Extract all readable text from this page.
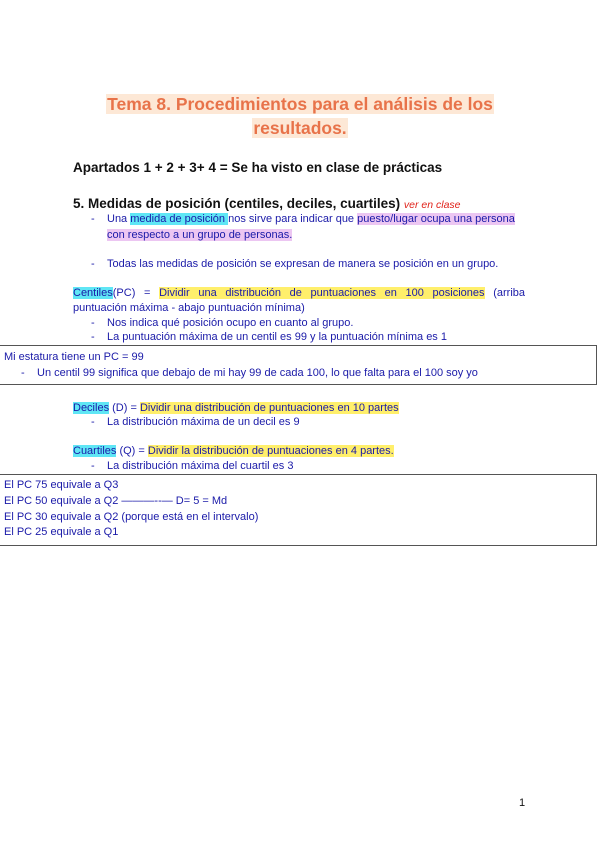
Tema 8. Procedimientos para el análisis de los
resultados.
Apartados 1 + 2 + 3+ 4 = Se ha visto en clase de prácticas
5. Medidas de posición (centiles, deciles, cuartiles) ver en clase
- Una medida de posición nos sirve para indicar que puesto/lugar ocupa una persona
con respecto a un grupo de personas.
- Todas las medidas de posición se expresan de manera se posición en un grupo.
Centiles(PC) = Dividir una distribución de puntuaciones en 100 posiciones (arriba
puntuación máxima - abajo puntuación mínima)
- Nos indica qué posición ocupo en cuanto al grupo.
- La puntuación máxima de un centil es 99 y la puntuación mínima es 1
Mi estatura tiene un PC = 99
- Un centil 99 significa que debajo de mi hay 99 de cada 100, lo que falta para el 100 soy yo
Deciles (D) = Dividir una distribución de puntuaciones en 10 partes
- La distribución máxima de un decil es 9
Cuartiles (Q) = Dividir la distribución de puntuaciones en 4 partes.
- La distribución máxima del cuartil es 3
El PC 75 equivale a Q3
El PC 50 equivale a Q2 ———--— D= 5 = Md
El PC 30 equivale a Q2 (porque está en el intervalo)
El PC 25 equivale a Q1
1
